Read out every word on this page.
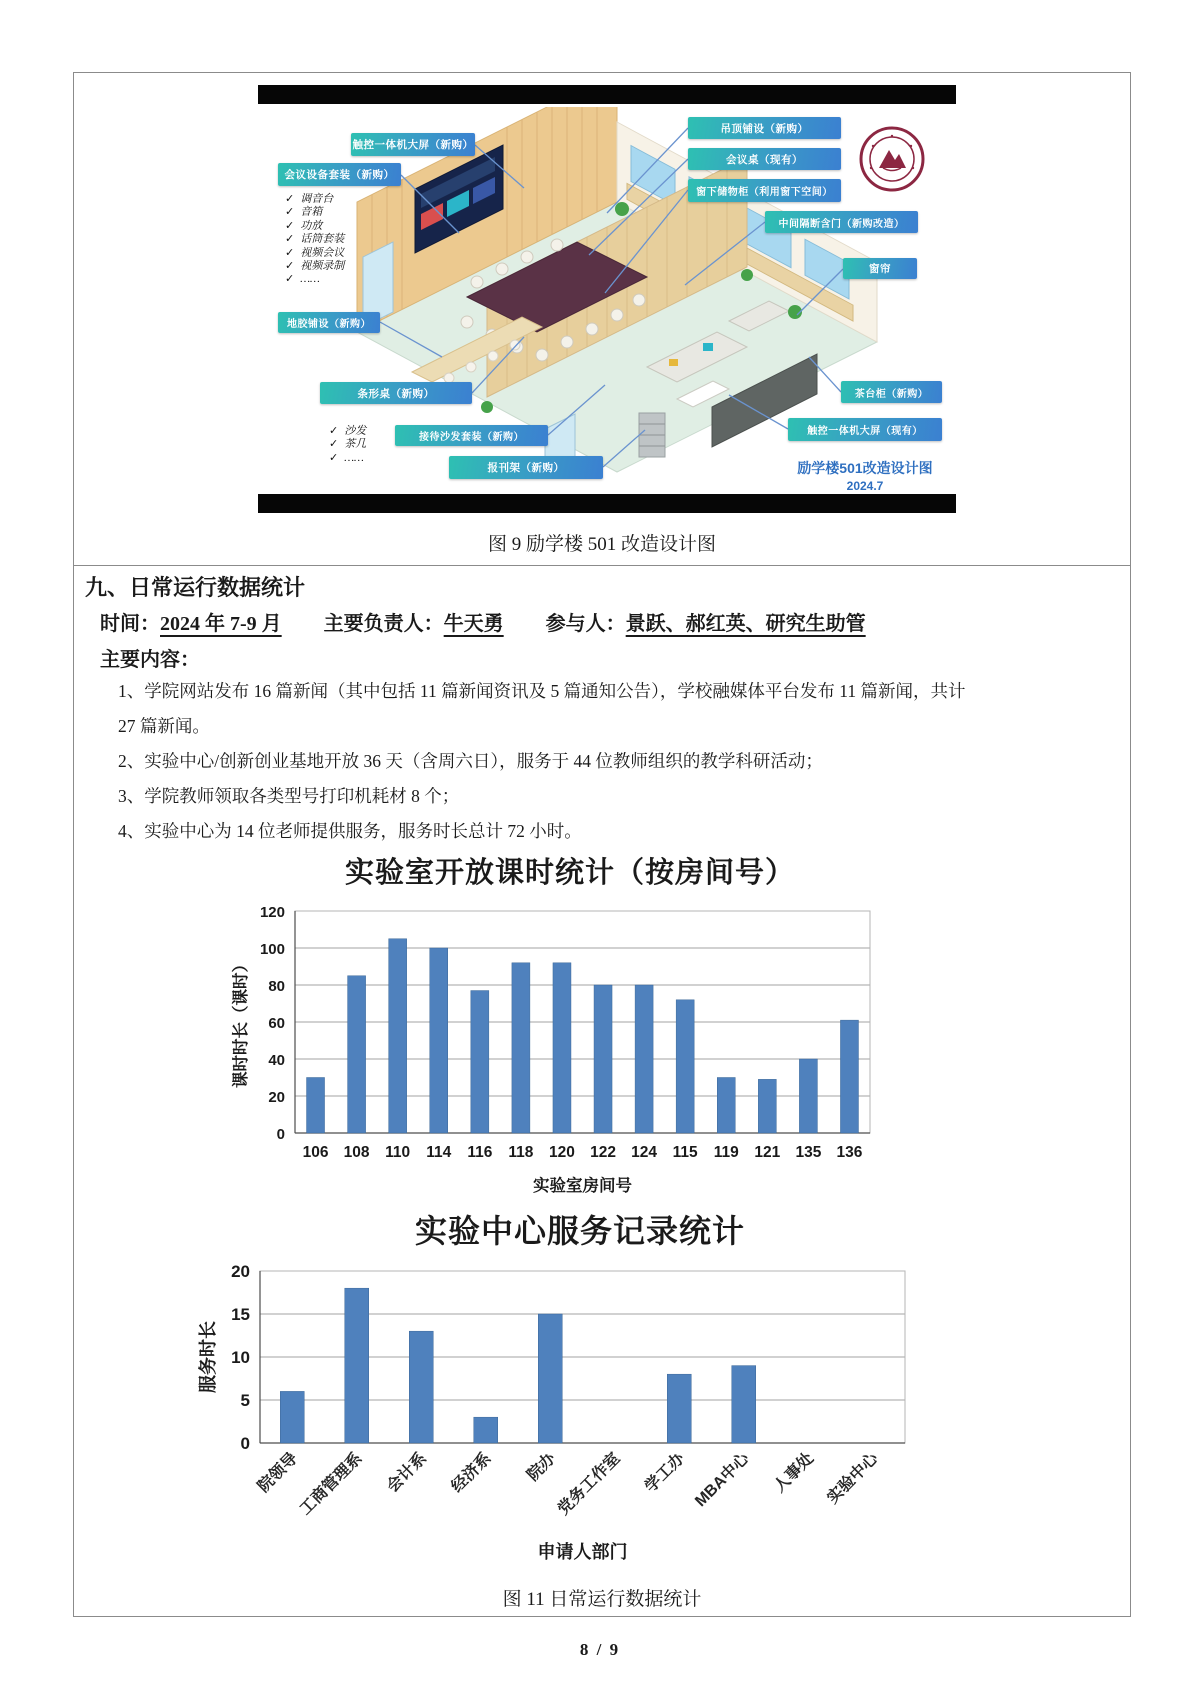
触控一体机大屏（新购）
会议设备套装（新购）
吊顶铺设（新购）
会议桌（现有）
窗下储物柜（利用窗下空间）
中间隔断含门（新购改造）
窗帘
地胶铺设（新购）
条形桌（新购）
接待沙发套装（新购）
报刊架（新购）
茶台柜（新购）
触控一体机大屏（现有）
✓ 调音台
✓ 音箱
✓ 功放
✓ 话筒套装
✓ 视频会议
✓ 视频录制
✓ ……
✓ 沙发
✓ 茶几
✓ ……
励学楼501改造设计图
2024.7
图 9 励学楼 501 改造设计图
九、日常运行数据统计
时间：2024 年 7-9 月 主要负责人：牛天勇 参与人：景跃、郝红英、研究生助管
主要内容：
1、学院网站发布 16 篇新闻（其中包括 11 篇新闻资讯及 5 篇通知公告），学校融媒体平台发布 11 篇新闻，共计
27 篇新闻。
2、实验中心/创新创业基地开放 36 天（含周六日），服务于 44 位教师组织的教学科研活动；
3、学院教师领取各类型号打印机耗材 8 个；
4、实验中心为 14 位老师提供服务，服务时长总计 72 小时。
实验室开放课时统计（按房间号）
0
20
40
60
80
100
120
106 108 110 114 116 118 120 122 124 115 119 121 135 136
实验室房间号
课时时长（课时）
实验中心服务记录统计
0
5
10
15
20
院领导
工商管理系 会计系 经济系 院办
党务工作室 学工办 MBA中心 人事处 实验中心
申请人部门
服务时长
图 11 日常运行数据统计
8 / 9
